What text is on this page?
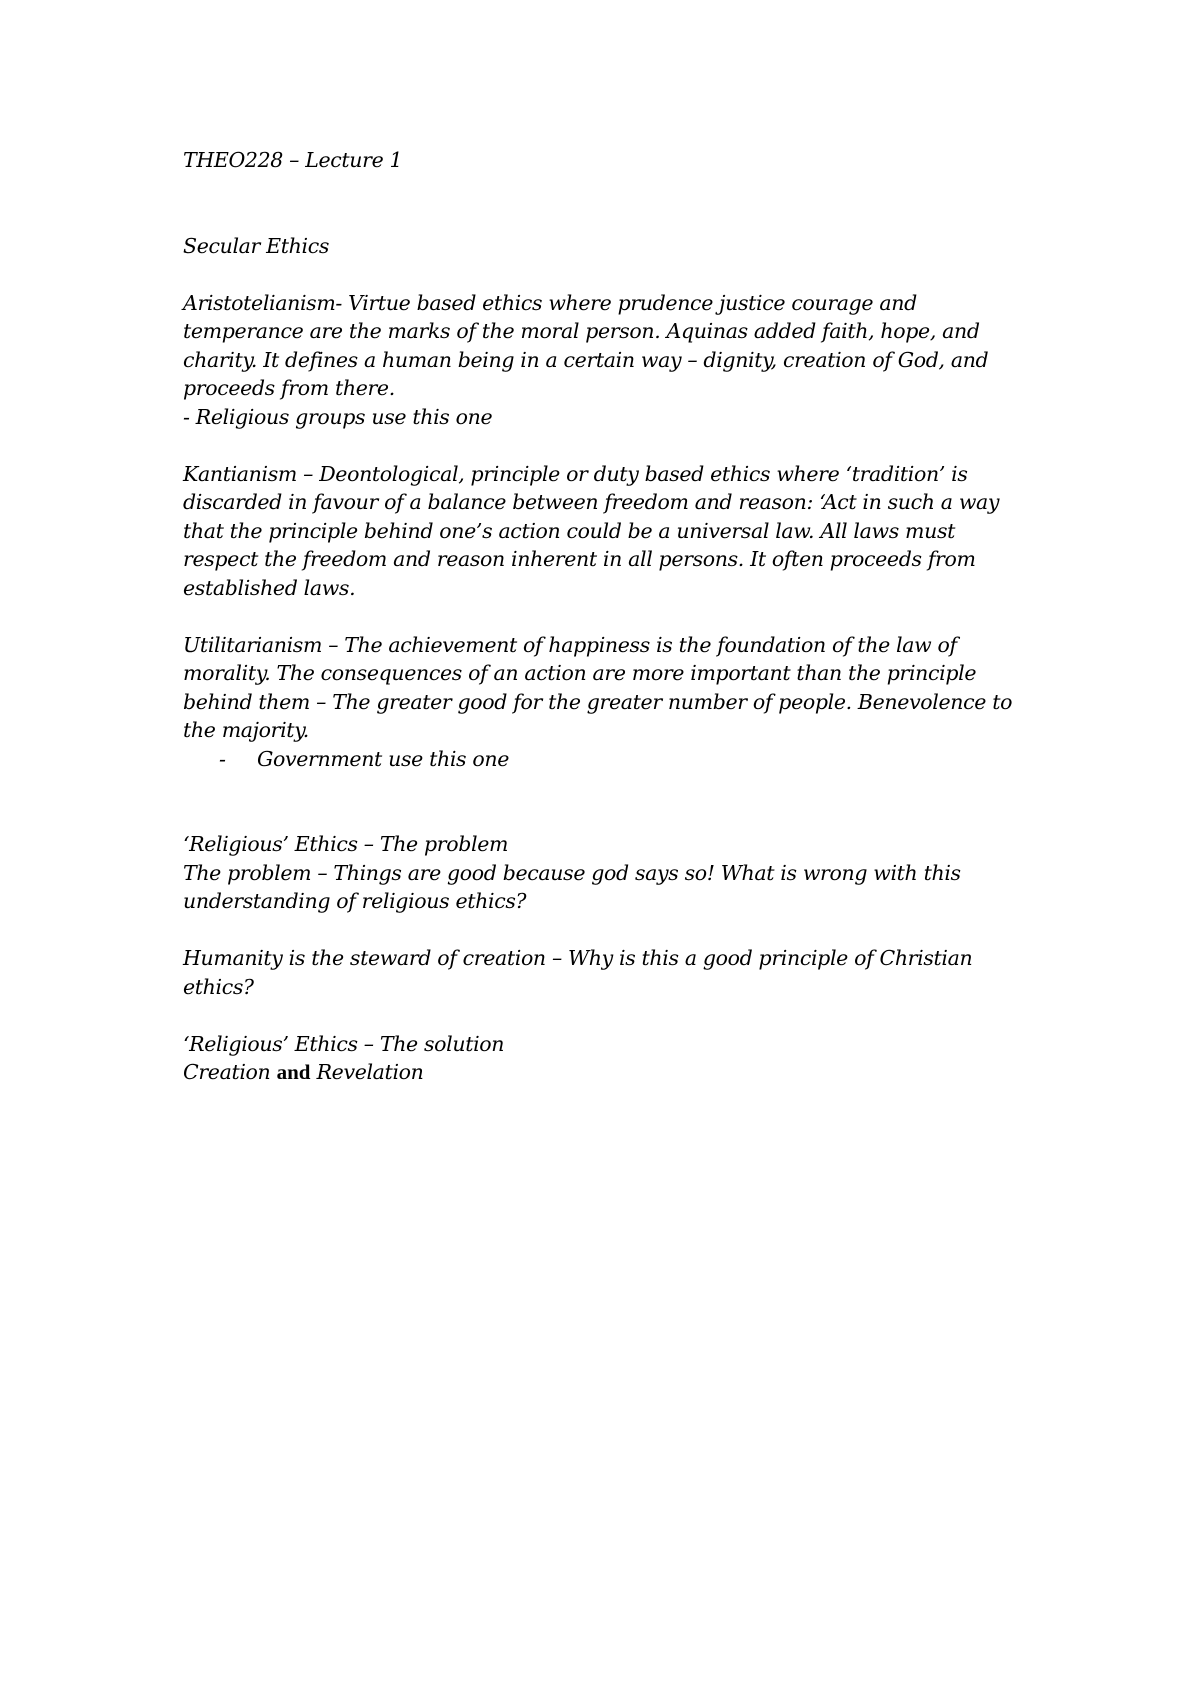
THEO228 – Lecture 1

Secular Ethics

Aristotelianism- Virtue based ethics where prudence justice courage and temperance are the marks of the moral person. Aquinas added faith, hope, and charity. It defines a human being in a certain way – dignity, creation of God, and proceeds from there.

- Religious groups use this one

Kantianism – Deontological, principle or duty based ethics where ‘tradition’ is discarded in favour of a balance between freedom and reason: ‘Act in such a way that the principle behind one’s action could be a universal law. All laws must respect the freedom and reason inherent in all persons. It often proceeds from established laws.

Utilitarianism – The achievement of happiness is the foundation of the law of morality. The consequences of an action are more important than the principle behind them – The greater good for the greater number of people. Benevolence to the majority.

-	Government use this one

‘Religious’ Ethics – The problem

The problem – Things are good because god says so! What is wrong with this understanding of religious ethics?

Humanity is the steward of creation – Why is this a good principle of Christian ethics?

‘Religious’ Ethics – The solution

Creation and Revelation
